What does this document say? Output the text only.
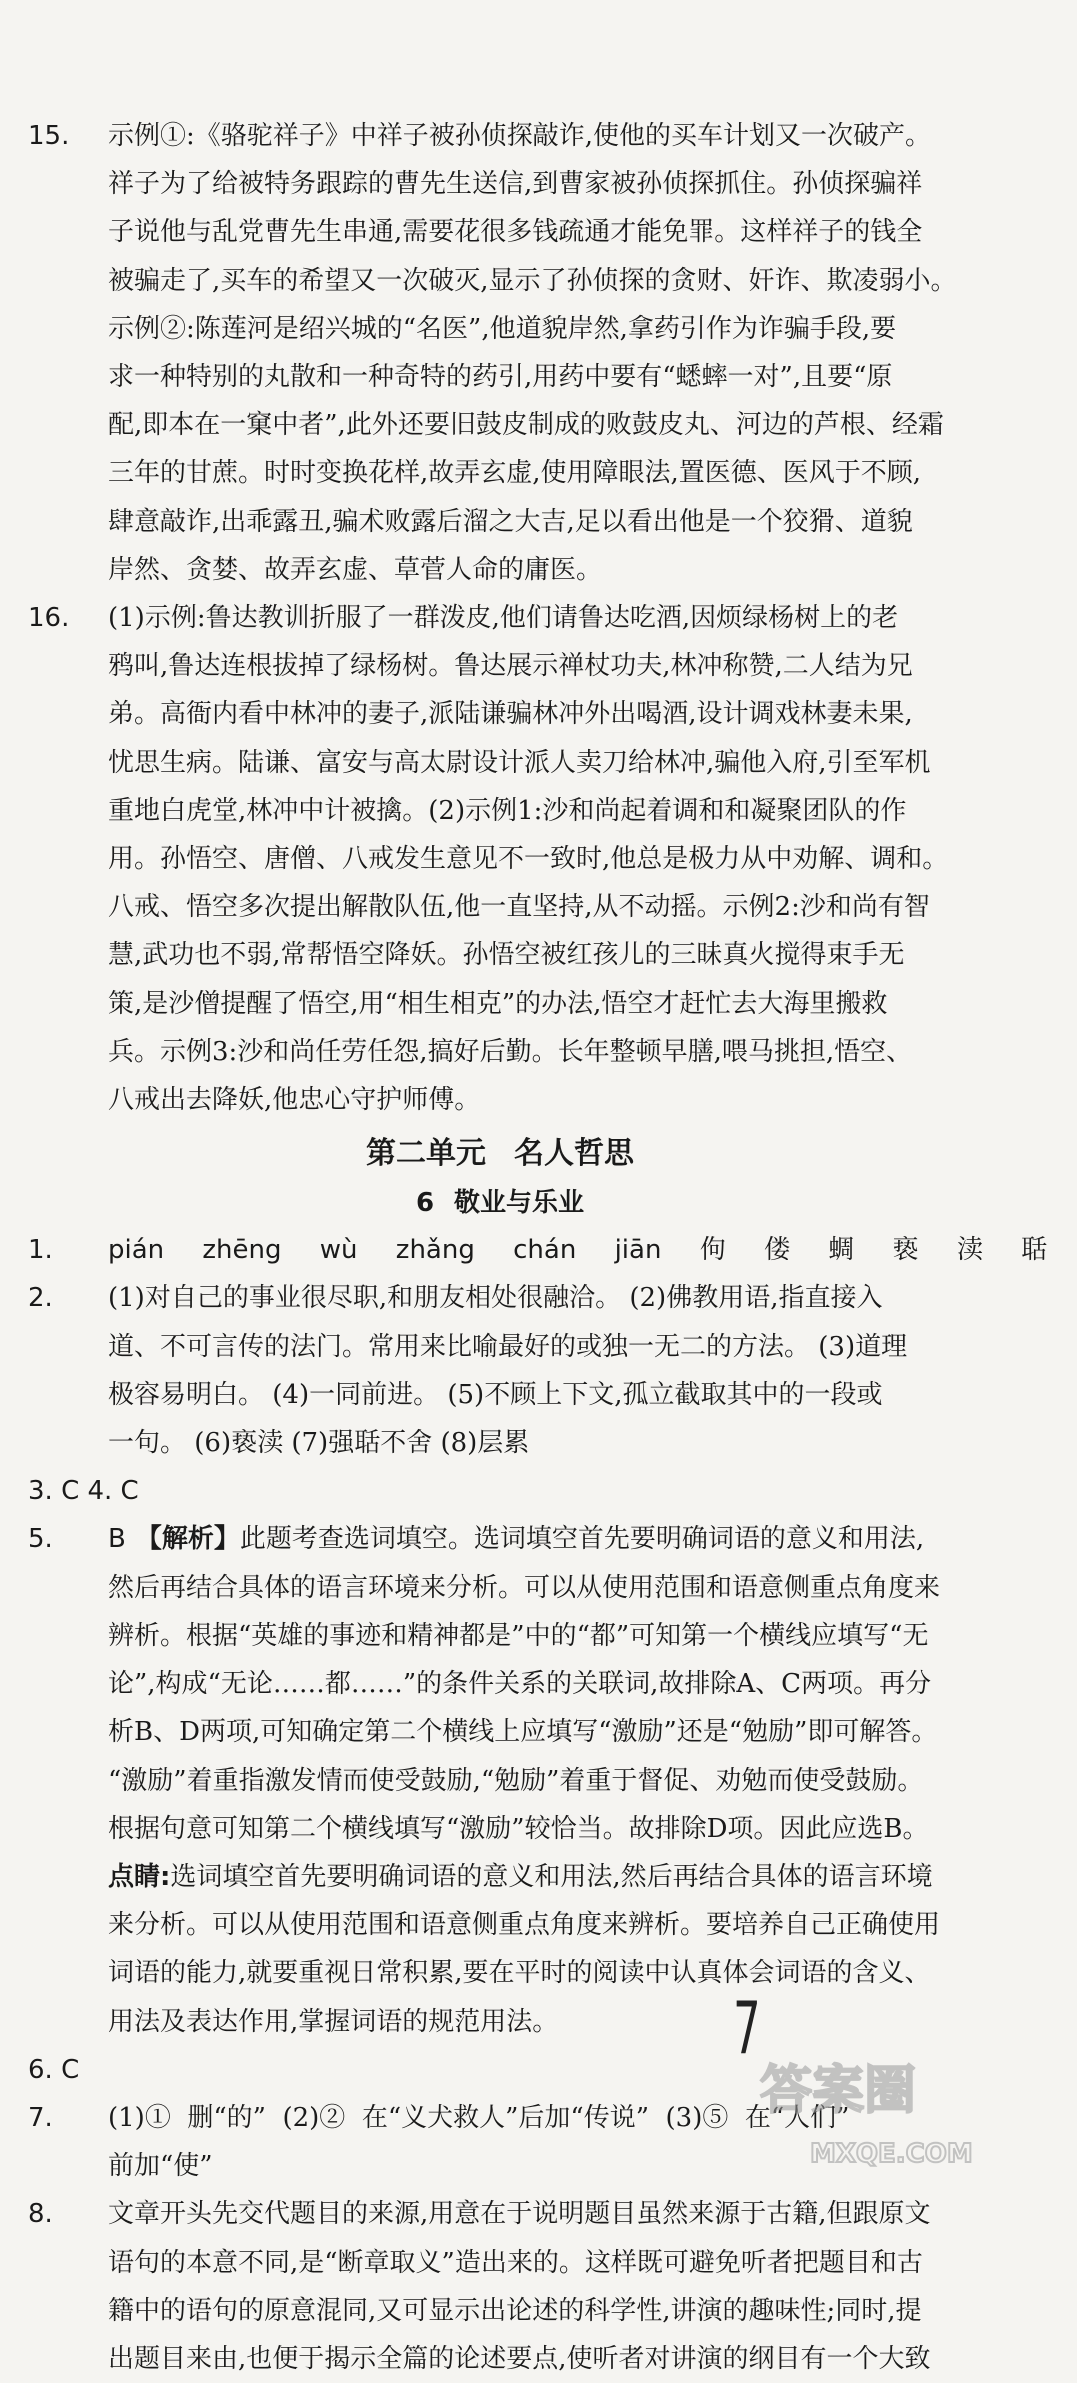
15. 示例①:《骆驼祥子》中祥子被孙侦探敲诈,使他的买车计划又一次破产。
祥子为了给被特务跟踪的曹先生送信,到曹家被孙侦探抓住。孙侦探骗祥
子说他与乱党曹先生串通,需要花很多钱疏通才能免罪。这样祥子的钱全
被骗走了,买车的希望又一次破灭,显示了孙侦探的贪财、奸诈、欺凌弱小。
示例②:陈莲河是绍兴城的“名医”,他道貌岸然,拿药引作为诈骗手段,要
求一种特别的丸散和一种奇特的药引,用药中要有“蟋蟀一对”,且要“原
配,即本在一窠中者”,此外还要旧鼓皮制成的败鼓皮丸、河边的芦根、经霜
三年的甘蔗。时时变换花样,故弄玄虚,使用障眼法,置医德、医风于不顾,
肆意敲诈,出乖露丑,骗术败露后溜之大吉,足以看出他是一个狡猾、道貌
岸然、贪婪、故弄玄虚、草菅人命的庸医。
16. (1)示例:鲁达教训折服了一群泼皮,他们请鲁达吃酒,因烦绿杨树上的老
鸦叫,鲁达连根拔掉了绿杨树。鲁达展示禅杖功夫,林冲称赞,二人结为兄
弟。高衙内看中林冲的妻子,派陆谦骗林冲外出喝酒,设计调戏林妻未果,
忧思生病。陆谦、富安与高太尉设计派人卖刀给林冲,骗他入府,引至军机
重地白虎堂,林冲中计被擒。(2)示例1:沙和尚起着调和和凝聚团队的作
用。孙悟空、唐僧、八戒发生意见不一致时,他总是极力从中劝解、调和。
八戒、悟空多次提出解散队伍,他一直坚持,从不动摇。示例2:沙和尚有智
慧,武功也不弱,常帮悟空降妖。孙悟空被红孩儿的三昧真火搅得束手无
策,是沙僧提醒了悟空,用“相生相克”的办法,悟空才赶忙去大海里搬救
兵。示例3:沙和尚任劳任怨,搞好后勤。长年整顿早膳,喂马挑担,悟空、
八戒出去降妖,他忠心守护师傅。
第二单元 名人哲思
6 敬业与乐业
1. pián zhēng wù zhǎng chán jiān 佝 偻 蜩 亵 渎 聒
2. (1)对自己的事业很尽职,和朋友相处很融洽。 (2)佛教用语,指直接入
道、不可言传的法门。常用来比喻最好的或独一无二的方法。 (3)道理
极容易明白。 (4)一同前进。 (5)不顾上下文,孤立截取其中的一段或
一句。 (6)亵渎 (7)强聒不舍 (8)层累
3. C 4. C
5. B 【解析】此题考查选词填空。选词填空首先要明确词语的意义和用法,
然后再结合具体的语言环境来分析。可以从使用范围和语意侧重点角度来
辨析。根据“英雄的事迹和精神都是”中的“都”可知第一个横线应填写“无
论”,构成“无论……都……”的条件关系的关联词,故排除A、C两项。再分
析B、D两项,可知确定第二个横线上应填写“激励”还是“勉励”即可解答。
“激励”着重指激发情而使受鼓励,“勉励”着重于督促、劝勉而使受鼓励。
根据句意可知第二个横线填写“激励”较恰当。故排除D项。因此应选B。
点睛:选词填空首先要明确词语的意义和用法,然后再结合具体的语言环境
来分析。可以从使用范围和语意侧重点角度来辨析。要培养自己正确使用
词语的能力,就要重视日常积累,要在平时的阅读中认真体会词语的含义、
用法及表达作用,掌握词语的规范用法。
6. C
7. (1)①  删“的”  (2)②  在“义犬救人”后加“传说”  (3)⑤  在“人们”
前加“使”
8. 文章开头先交代题目的来源,用意在于说明题目虽然来源于古籍,但跟原文
语句的本意不同,是“断章取义”造出来的。这样既可避免听者把题目和古
籍中的语句的原意混同,又可显示出论述的科学性,讲演的趣味性;同时,提
出题目来由,也便于揭示全篇的论述要点,使听者对讲演的纲目有一个大致
7
答案圈
MXQE.COM
